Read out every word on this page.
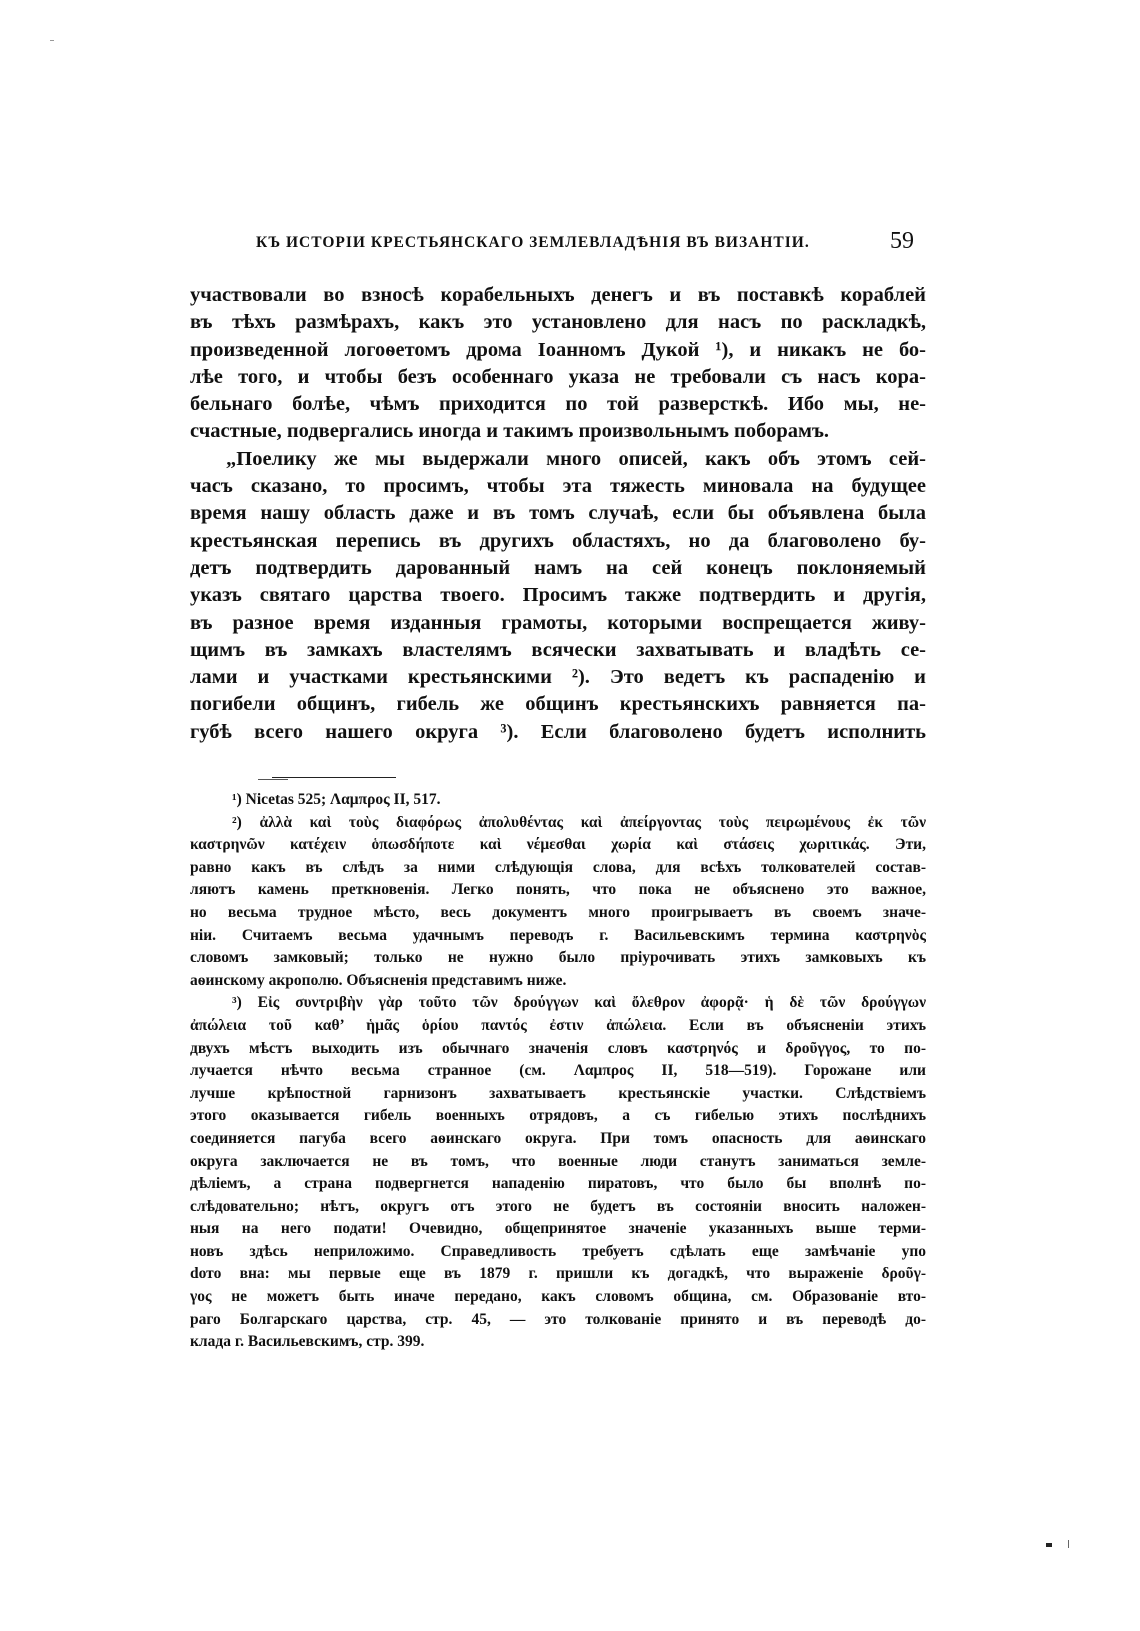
КЪ ИСТОРІИ КРЕСТЬЯНСКАГО ЗЕМЛЕВЛАДѢНІЯ ВЪ ВИЗАНТІИ.	59
участвовали во взносѣ корабельныхъ денегъ и въ поставкѣ кораблей
въ тѣхъ размѣрахъ, какъ это установлено для насъ по раскладкѣ,
произведенной логоѳетомъ дрома Іоанномъ Дукой ¹), и никакъ не бо-
лѣе того, и чтобы безъ особеннаго указа не требовали съ насъ кора-
бельнаго болѣе, чѣмъ приходится по той разверсткѣ. Ибо мы, не-
счастные, подвергались иногда и такимъ произвольнымъ поборамъ.
„Поелику же мы выдержали много описей, какъ объ этомъ сей-
часъ сказано, то просимъ, чтобы эта тяжесть миновала на будущее
время нашу область даже и въ томъ случаѣ, если бы объявлена была
крестьянская перепись въ другихъ областяхъ, но да благоволено бу-
детъ подтвердить дарованный намъ на сей конецъ поклоняемый
указъ святаго царства твоего. Просимъ также подтвердить и другія,
въ разное время изданныя грамоты, которыми воспрещается живу-
щимъ въ замкахъ властелямъ всячески захватывать и владѣть се-
лами и участками крестьянскими ²). Это ведетъ къ распаденію и
погибели общинъ, гибель же общинъ крестьянскихъ равняется па-
губѣ всего нашего округа ³). Если благоволено будетъ исполнить
¹) Nicetas 525; Λαμπρος II, 517.
²) ἀλλὰ καὶ τοὺς διαφόρως ἀπολυθέντας καὶ ἀπείργοντας τοὺς πειρωμένους ἐκ τῶν
καστρηνῶν κατέχειν ὁπωσδήποτε καὶ νέμεσθαι χωρία καὶ στάσεις χωριτικάς. Эти,
равно какъ въ слѣдъ за ними слѣдующія слова, для всѣхъ толкователей состав-
ляютъ камень преткновенія. Легко понять, что пока не объяснено это важное,
но весьма трудное мѣсто, весь документъ много проигрываетъ въ своемъ значе-
ніи. Считаемъ весьма удачнымъ переводъ г. Васильевскимъ термина καστρηνὸς
словомъ замковый; только не нужно было пріурочивать этихъ замковыхъ къ
аѳинскому акрополю. Объясненія представимъ ниже.
³) Εἰς συντριβὴν γὰρ τοῦτο τῶν δρούγγων καὶ ὄλεθρον ἀφορᾷ· ἡ δὲ τῶν δρούγγων
ἀπώλεια τοῦ καθ’ ἡμᾶς ὁρίου παντός ἐστιν ἀπώλεια. Если въ объясненіи этихъ
двухъ мѣстъ выходить изъ обычнаго значенія словъ καστρηνός и δροῦγγος, то по-
лучается нѣчто весьма странное (см. Λαμπρος II, 518—519). Горожане или
лучше крѣпостной гарнизонъ захватываетъ крестьянскіе участки. Слѣдствіемъ
этого оказывается гибель военныхъ отрядовъ, а съ гибелью этихъ послѣднихъ
соединяется пагуба всего аѳинскаго округа. При томъ опасность для аѳинскаго
округа заключается не въ томъ, что военные люди станутъ заниматься земле-
дѣліемъ, а страна подвергнется нападенію пиратовъ, что было бы вполнѣ по-
слѣдовательно; нѣтъ, округъ отъ этого не будетъ въ состояніи вносить наложен-
ныя на него подати! Очевидно, общепринятое значеніе указанныхъ выше терми-
новъ здѣсь неприложимо. Справедливость требуетъ сдѣлать еще замѣчаніе упо
dото вна: мы первые еще въ 1879 г. пришли къ догадкѣ, что выраженіе δροῦγ-
γος не можетъ быть иначе передано, какъ словомъ община, см. Образованіе вто-
раго Болгарскаго царства, стр. 45, — это толкованіе принято и въ переводѣ до-
клада г. Васильевскимъ, стр. 399.
